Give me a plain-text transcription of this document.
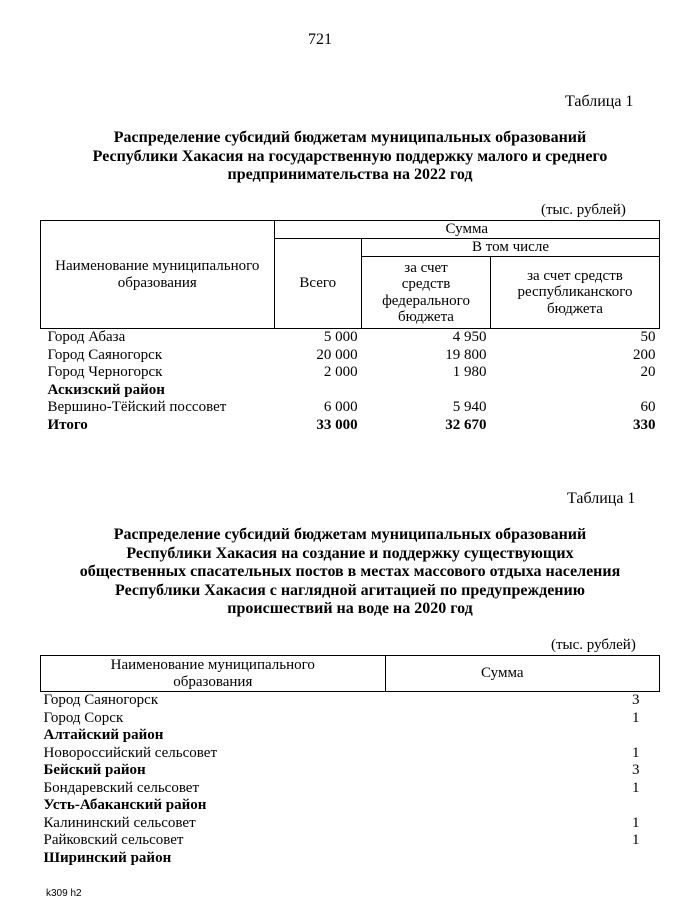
721
Таблица 1
Распределение субсидий бюджетам муниципальных образований
Республики Хакасия на государственную поддержку малого и среднего
предпринимательства на 2022 год
(тыс. рублей)
Наименование муниципального образования	Сумма		
	Всего	В том числе	
		за счет средств федерального бюджета	за счет средств республиканского бюджета
Город Абаза	5 000	4 950	50
Город Саяногорск	20 000	19 800	200
Город Черногорск	2 000	1 980	20
Аскизский район			
Вершино-Тёйский поссовет	6 000	5 940	60
Итого	33 000	32 670	330
Таблица 1
Распределение субсидий бюджетам муниципальных образований
Республики Хакасия на создание и поддержку существующих
общественных спасательных постов в местах массового отдыха населения
Республики Хакасия с наглядной агитацией по предупреждению
происшествий на воде на 2020 год
(тыс. рублей)
Наименование муниципального образования	Сумма
Город Саяногорск	3
Город Сорск	1
Алтайский район	
Новороссийский сельсовет	1
Бейский район	3
Бондаревский сельсовет	1
Усть-Абаканский район	
Калининский сельсовет	1
Райковский сельсовет	1
Ширинский район	
k309 h2
